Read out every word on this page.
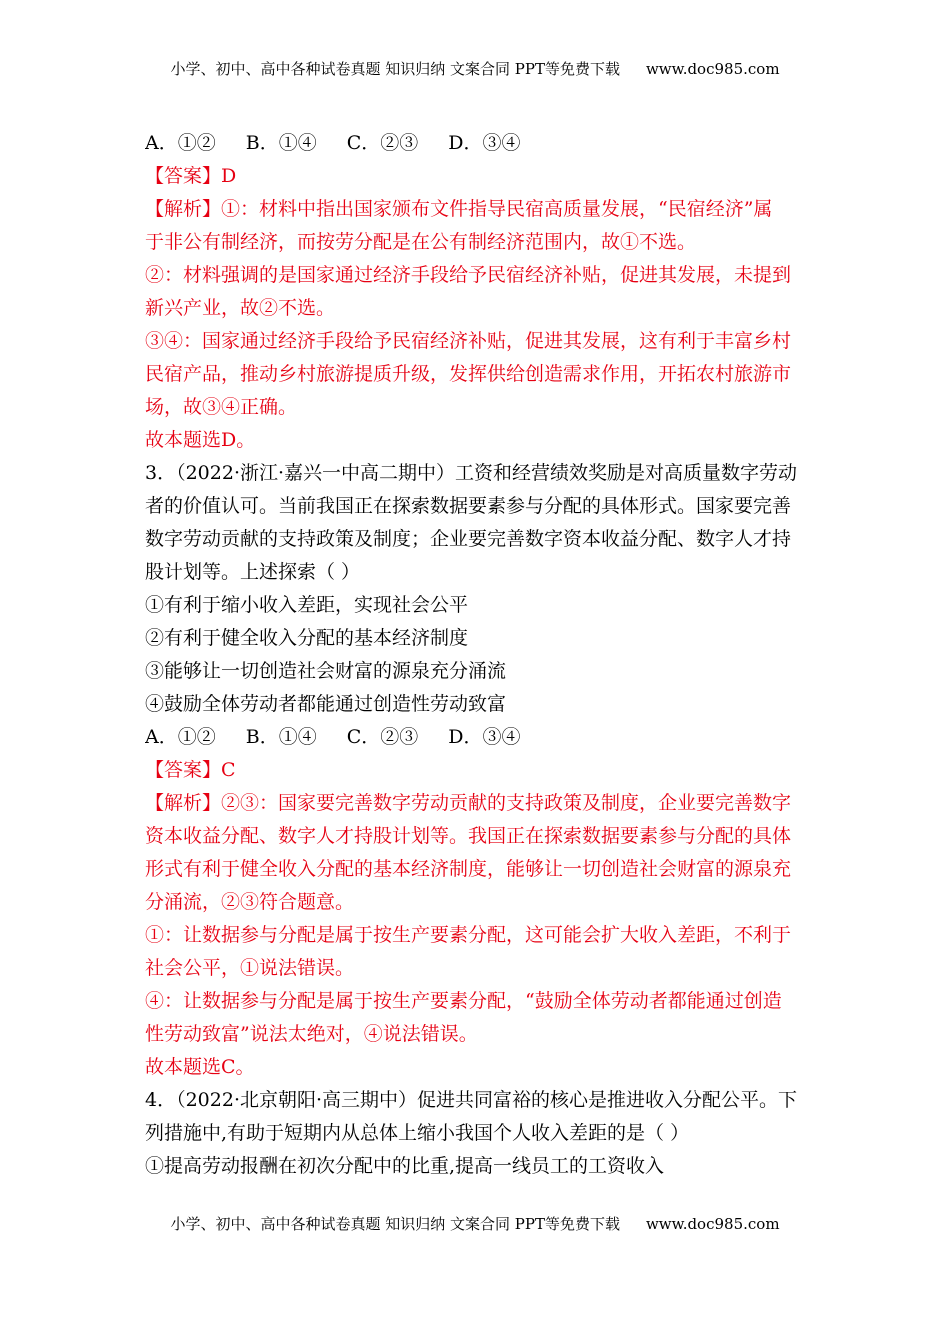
小学、初中、高中各种试卷真题 知识归纳 文案合同 PPT等免费下载 www.doc985.com
A．①② B．①④ C．②③ D．③④
【答案】D
【解析】①：材料中指出国家颁布文件指导民宿高质量发展，“民宿经济”属
于非公有制经济，而按劳分配是在公有制经济范围内，故①不选。
②：材料强调的是国家通过经济手段给予民宿经济补贴，促进其发展，未提到
新兴产业，故②不选。
③④：国家通过经济手段给予民宿经济补贴，促进其发展，这有利于丰富乡村
民宿产品，推动乡村旅游提质升级，发挥供给创造需求作用，开拓农村旅游市
场，故③④正确。
故本题选D。
3．（2022·浙江·嘉兴一中高二期中）工资和经营绩效奖励是对高质量数字劳动
者的价值认可。当前我国正在探索数据要素参与分配的具体形式。国家要完善
数字劳动贡献的支持政策及制度；企业要完善数字资本收益分配、数字人才持
股计划等。上述探索（ ）
①有利于缩小收入差距，实现社会公平
②有利于健全收入分配的基本经济制度
③能够让一切创造社会财富的源泉充分涌流
④鼓励全体劳动者都能通过创造性劳动致富
A．①② B．①④ C．②③ D．③④
【答案】C
【解析】②③：国家要完善数字劳动贡献的支持政策及制度，企业要完善数字
资本收益分配、数字人才持股计划等。我国正在探索数据要素参与分配的具体
形式有利于健全收入分配的基本经济制度，能够让一切创造社会财富的源泉充
分涌流，②③符合题意。
①：让数据参与分配是属于按生产要素分配，这可能会扩大收入差距，不利于
社会公平，①说法错误。
④：让数据参与分配是属于按生产要素分配，“鼓励全体劳动者都能通过创造
性劳动致富”说法太绝对，④说法错误。
故本题选C。
4．（2022·北京朝阳·高三期中）促进共同富裕的核心是推进收入分配公平。下
列措施中,有助于短期内从总体上缩小我国个人收入差距的是（ ）
①提高劳动报酬在初次分配中的比重,提高一线员工的工资收入
小学、初中、高中各种试卷真题 知识归纳 文案合同 PPT等免费下载 www.doc985.com
